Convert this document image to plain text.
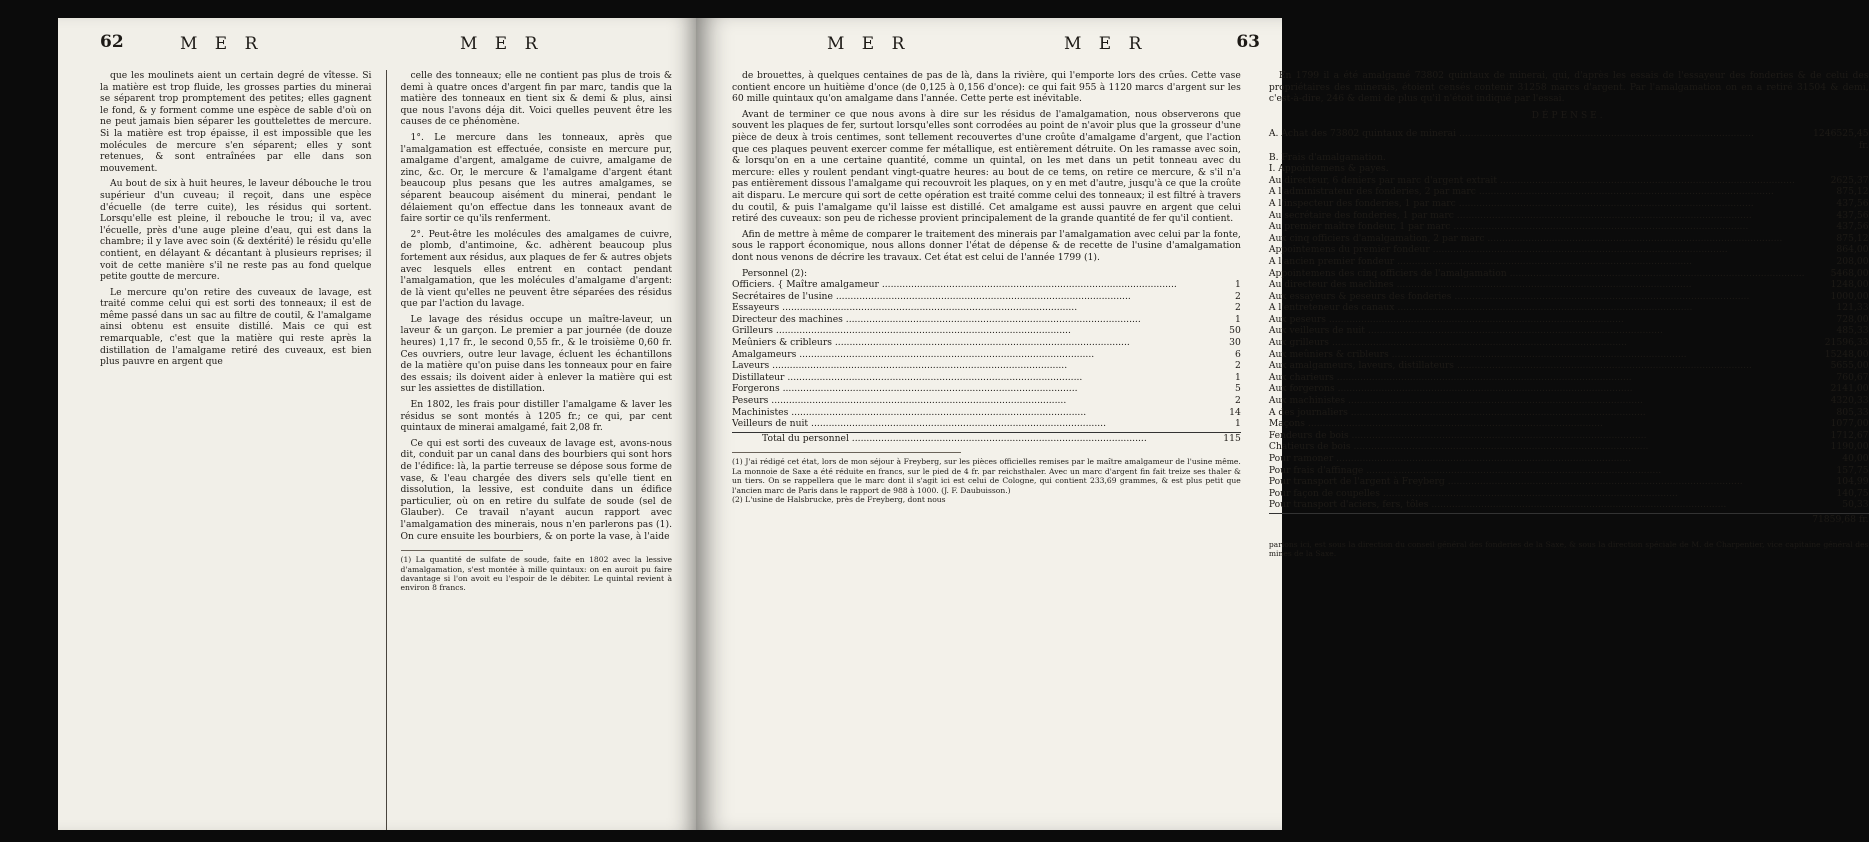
62	M E R	M E R

que les moulinets aient un certain degré de vîtesse. Si la matière est trop fluide, les grosses parties du minerai se séparent trop promptement des petites; elles gagnent le fond, & y forment comme une espèce de sable d'où on ne peut jamais bien séparer les gouttelettes de mercure. Si la matière est trop épaisse, il est impossible que les molécules de mercure s'en séparent; elles y sont retenues, & sont entraînées par elle dans son mouvement.

Au bout de six à huit heures, le laveur débouche le trou supérieur d'un cuveau; il reçoit, dans une espèce d'écuelle (de terre cuite), les résidus qui sortent. Lorsqu'elle est pleine, il rebouche le trou; il va, avec l'écuelle, près d'une auge pleine d'eau, qui est dans la chambre; il y lave avec soin (& dextérité) le résidu qu'elle contient, en délayant & décantant à plusieurs reprises; il voit de cette manière s'il ne reste pas au fond quelque petite goutte de mercure.

Le mercure qu'on retire des cuveaux de lavage, est traité comme celui qui est sorti des tonneaux; il est de même passé dans un sac au filtre de coutil, & l'amalgame ainsi obtenu est ensuite distillé. Mais ce qui est remarquable, c'est que la matière qui reste après la distillation de l'amalgame retiré des cuveaux, est bien plus pauvre en argent que

celle des tonneaux; elle ne contient pas plus de trois & demi à quatre onces d'argent fin par marc, tandis que la matière des tonneaux en tient six & demi & plus, ainsi que nous l'avons déja dit. Voici quelles peuvent être les causes de ce phénomène.

1°. Le mercure dans les tonneaux, après que l'amalgamation est effectuée, consiste en mercure pur, amalgame d'argent, amalgame de cuivre, amalgame de zinc, &c. Or, le mercure & l'amalgame d'argent étant beaucoup plus pesans que les autres amalgames, se séparent beaucoup aisément du minerai, pendant le délaiement qu'on effectue dans les tonneaux avant de faire sortir ce qu'ils renferment.

2°. Peut-être les molécules des amalgames de cuivre, de plomb, d'antimoine, &c. adhèrent beaucoup plus fortement aux résidus, aux plaques de fer & autres objets avec lesquels elles entrent en contact pendant l'amalgamation, que les molécules d'amalgame d'argent: de là vient qu'elles ne peuvent être séparées des résidus que par l'action du lavage.

Le lavage des résidus occupe un maître-laveur, un laveur & un garçon. Le premier a par journée (de douze heures) 1,17 fr., le second 0,55 fr., & le troisième 0,60 fr. Ces ouvriers, outre leur lavage, écluent les échantillons de la matière qu'on puise dans les tonneaux pour en faire des essais; ils doivent aider à enlever la matière qui est sur les assiettes de distillation.

En 1802, les frais pour distiller l'amalgame & laver les résidus se sont montés à 1205 fr.; ce qui, par cent quintaux de minerai amalgamé, fait 2,08 fr.

Ce qui est sorti des cuveaux de lavage est, avons-nous dit, conduit par un canal dans des bourbiers qui sont hors de l'édifice: là, la partie terreuse se dépose sous forme de vase, & l'eau chargée des divers sels qu'elle tient en dissolution, la lessive, est conduite dans un édifice particulier, où on en retire du sulfate de soude (sel de Glauber). Ce travail n'ayant aucun rapport avec l'amalgamation des minerais, nous n'en parlerons pas (1). On cure ensuite les bourbiers, & on porte la vase, à l'aide

(1) La quantité de sulfate de soude, faite en 1802 avec la lessive d'amalgamation, s'est montée à mille quintaux: on en auroit pu faire davantage si l'on avoit eu l'espoir de le débiter. Le quintal revient à environ 8 francs.
M E R	M E R	63

de brouettes, à quelques centaines de pas de là, dans la rivière, qui l'emporte lors des crûes. Cette vase contient encore un huitième d'once (de 0,125 à 0,156 d'once): ce qui fait 955 à 1120 marcs d'argent sur les 60 mille quintaux qu'on amalgame dans l'année. Cette perte est inévitable.

Avant de terminer ce que nous avons à dire sur les résidus de l'amalgamation, nous observerons que souvent les plaques de fer, surtout lorsqu'elles sont corrodées au point de n'avoir plus que la grosseur d'une pièce de deux à trois centimes, sont tellement recouvertes d'une croûte d'amalgame d'argent, que l'action que ces plaques peuvent exercer comme fer métallique, est entièrement détruite. On les ramasse avec soin, & lorsqu'on en a une certaine quantité, comme un quintal, on les met dans un petit tonneau avec du mercure: elles y roulent pendant vingt-quatre heures: au bout de ce tems, on retire ce mercure, & s'il n'a pas entièrement dissous l'amalgame qui recouvroit les plaques, on y en met d'autre, jusqu'à ce que la croûte ait disparu. Le mercure qui sort de cette opération est traité comme celui des tonneaux; il est filtré à travers du coutil, & puis l'amalgame qu'il laisse est distillé. Cet amalgame est aussi pauvre en argent que celui retiré des cuveaux: son peu de richesse provient principalement de la grande quantité de fer qu'il contient.

Afin de mettre à même de comparer le traitement des minerais par l'amalgamation avec celui par la fonte, sous le rapport économique, nous allons donner l'état de dépense & de recette de l'usine d'amalgamation dont nous venons de décrire les travaux. Cet état est celui de l'année 1799 (1).

Personnel (2):
Officiers. { Maître amalgameur .....	1
Secrétaires de l'usine .....	2
Essayeurs .....	2
Directeur des machines .....	1
Grilleurs .....	50
Meûniers & cribleurs .....	30
Amalgameurs .....	6
Laveurs .....	2
Distillateur .....	1
Forgerons .....	5
Peseurs .....	2
Machinistes .....	14
Veilleurs de nuit .....	1
Total du personnel .....	115
(1) J'ai rédigé cet état, lors de mon séjour à Freyberg, sur les pièces officielles remises par le maître amalgameur de l'usine même. La monnoie de Saxe a été réduite en francs, sur le pied de 4 fr. par reichsthaler. Avec un marc d'argent fin fait treize ses thaler & un tiers. On se rappellera que le marc dont il s'agit ici est celui de Cologne, qui contient 233,69 grammes, & est plus petit que l'ancien marc de Paris dans le rapport de 988 à 1000. (J. F. Daubuisson.)
(2) L'usine de Halsbrucke, près de Freyberg, dont nous

En 1799 il a été amalgamé 73802 quintaux de minerai, qui, d'après les essais de l'essayeur des fonderies & de celui des propriétaires des minerais, étoient censés contenir 31258 marcs d'argent. Par l'amalgamation on en a retiré 31504 & demi, c'est-à-dire, 246 & demi de plus qu'il n'étoit indiqué par l'essai.

DÉPENSE.
A. Achat des 73802 quintaux de minerai .....	1246525,45 fr.
B. Frais d'amalgamation.
I. Appointemens & payes.
Au directeur, 6 deniers par marc d'argent extrait .....	2625,37
A l'administrateur des fonderies, 2 par marc .....	875,12
A l'inspecteur des fonderies, 1 par marc .....	437,56
Au secrétaire des fonderies, 1 par marc .....	437,56
Au premier maître fondeur, 1 par marc .....	437,56
Aux cinq officiers d'amalgamation, 2 par marc .....	875,12
Appointemens du premier fondeur .....	864,00
A l'ancien premier fondeur .....	208,00
Appointemens des cinq officiers de l'amalgamation .....	5468,00
Au directeur des machines .....	1248,00
Aux essayeurs & peseurs des fonderies .....	1000,00
A l'entreteneur des canaux .....	121,33
Aux peseurs .....	728,00
Aux veilleurs de nuit .....	485,33
Aux grilleurs .....	21596,33
Aux meûniers & cribleurs .....	15248,00
Aux amalgameurs, laveurs, distillateurs .....	5655,00
Aux charieurs .....	760,67
Aux forgerons .....	2141,00
Aux machinistes .....	4320,33
A des journaliers .....	805,33
Maçons .....	1077,00
Fendeurs de bois .....	1712,67
Chatieurs de bois .....	1190,00
Pour ramoner .....	40,00
Pour frais d'affinage .....	157,75
Pour transport de l'argent à Freyberg .....	104,99
Pour façon de coupelles .....	140,75
Pour transport d'aciers, fers, tôles .....	50,33
71859,68 fr.
parlons ici, est sous la direction du conseil général des fonderies de la Saxe, & sous la direction spéciale de M. de Charpentier, vice capitaine général des mines de la Saxe.
